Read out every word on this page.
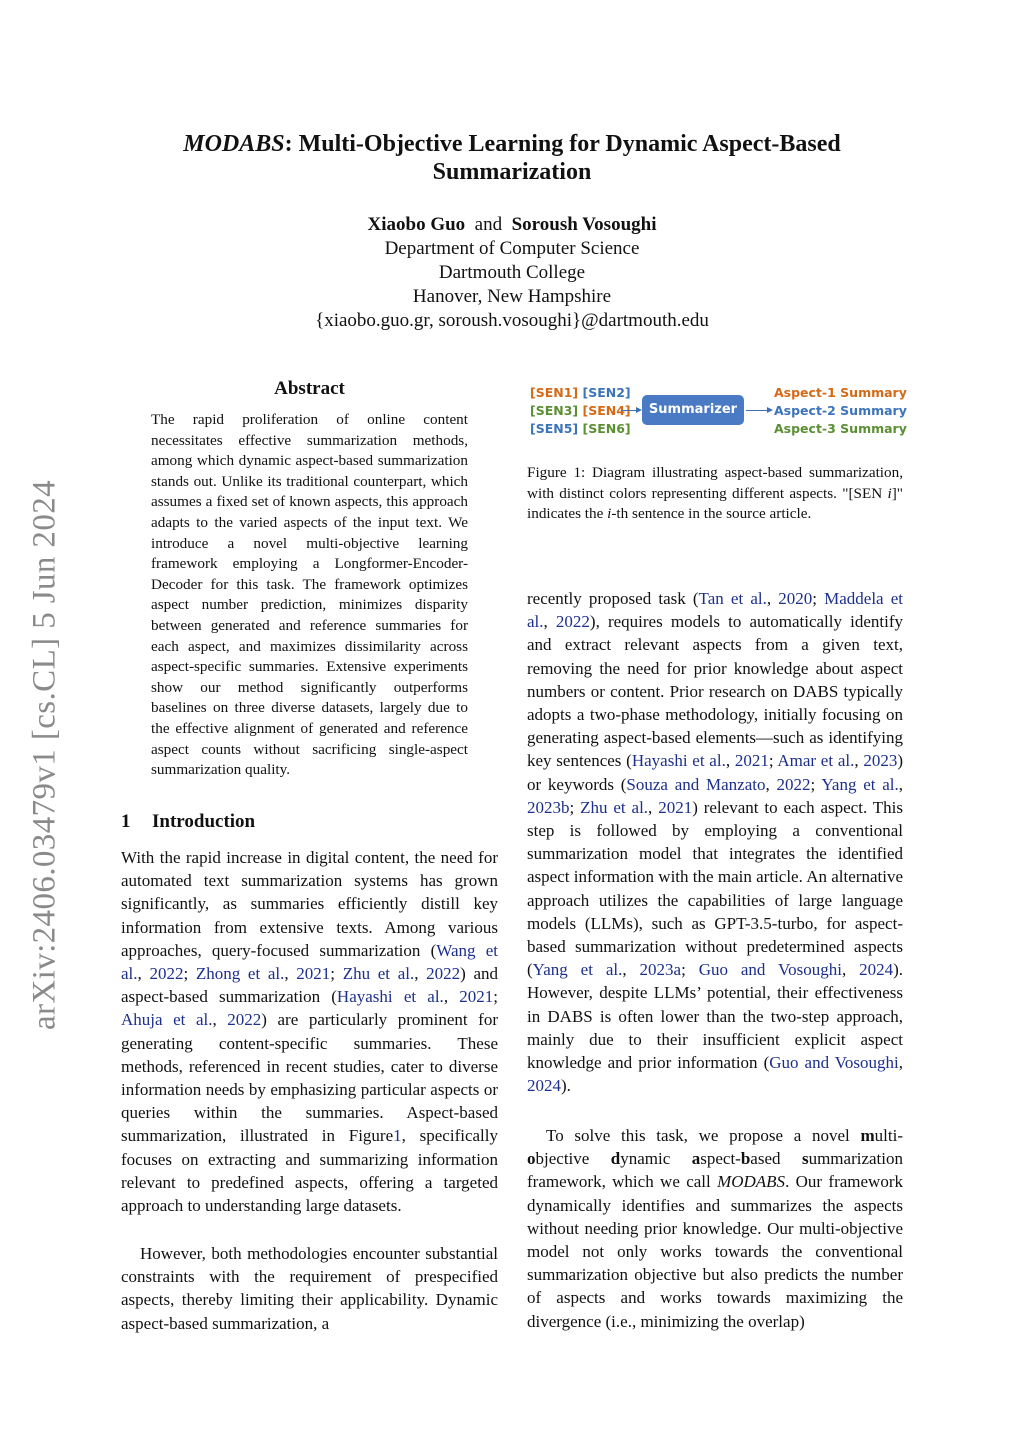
arXiv:2406.03479v1 [cs.CL] 5 Jun 2024
MODABS: Multi-Objective Learning for Dynamic Aspect-Based
Summarization
Xiaobo Guo and Soroush Vosoughi
Department of Computer Science
Dartmouth College
Hanover, New Hampshire
{xiaobo.guo.gr, soroush.vosoughi}@dartmouth.edu
Abstract
The rapid proliferation of online content necessitates effective summarization methods, among which dynamic aspect-based summarization stands out. Unlike its traditional counterpart, which assumes a fixed set of known aspects, this approach adapts to the varied aspects of the input text. We introduce a novel multi-objective learning framework employing a Longformer-Encoder-Decoder for this task. The framework optimizes aspect number prediction, minimizes disparity between generated and reference summaries for each aspect, and maximizes dissimilarity across aspect-specific summaries. Extensive experiments show our method significantly outperforms baselines on three diverse datasets, largely due to the effective alignment of generated and reference aspect counts without sacrificing single-aspect summarization quality.
1 Introduction
With the rapid increase in digital content, the need for automated text summarization systems has grown significantly, as summaries efficiently distill key information from extensive texts. Among various approaches, query-focused summarization (Wang et al., 2022; Zhong et al., 2021; Zhu et al., 2022) and aspect-based summarization (Hayashi et al., 2021; Ahuja et al., 2022) are particularly prominent for generating content-specific summaries. These methods, referenced in recent studies, cater to diverse information needs by emphasizing particular aspects or queries within the summaries. Aspect-based summarization, illustrated in Figure1, specifically focuses on extracting and summarizing information relevant to predefined aspects, offering a targeted approach to understanding large datasets.
However, both methodologies encounter substantial constraints with the requirement of prespecified aspects, thereby limiting their applicability. Dynamic aspect-based summarization, a
[SEN1] [SEN2]
[SEN3] [SEN4]
[SEN5] [SEN6]
Summarizer
Aspect-1 Summary
Aspect-2 Summary
Aspect-3 Summary
Figure 1: Diagram illustrating aspect-based summarization, with distinct colors representing different aspects. "[SEN i]" indicates the i-th sentence in the source article.
recently proposed task (Tan et al., 2020; Maddela et al., 2022), requires models to automatically identify and extract relevant aspects from a given text, removing the need for prior knowledge about aspect numbers or content. Prior research on DABS typically adopts a two-phase methodology, initially focusing on generating aspect-based elements—such as identifying key sentences (Hayashi et al., 2021; Amar et al., 2023) or keywords (Souza and Manzato, 2022; Yang et al., 2023b; Zhu et al., 2021) relevant to each aspect. This step is followed by employing a conventional summarization model that integrates the identified aspect information with the main article. An alternative approach utilizes the capabilities of large language models (LLMs), such as GPT-3.5-turbo, for aspect-based summarization without predetermined aspects (Yang et al., 2023a; Guo and Vosoughi, 2024). However, despite LLMs’ potential, their effectiveness in DABS is often lower than the two-step approach, mainly due to their insufficient explicit aspect knowledge and prior information (Guo and Vosoughi, 2024).
To solve this task, we propose a novel multi-objective dynamic aspect-based summarization framework, which we call MODABS. Our framework dynamically identifies and summarizes the aspects without needing prior knowledge. Our multi-objective model not only works towards the conventional summarization objective but also predicts the number of aspects and works towards maximizing the divergence (i.e., minimizing the overlap)
